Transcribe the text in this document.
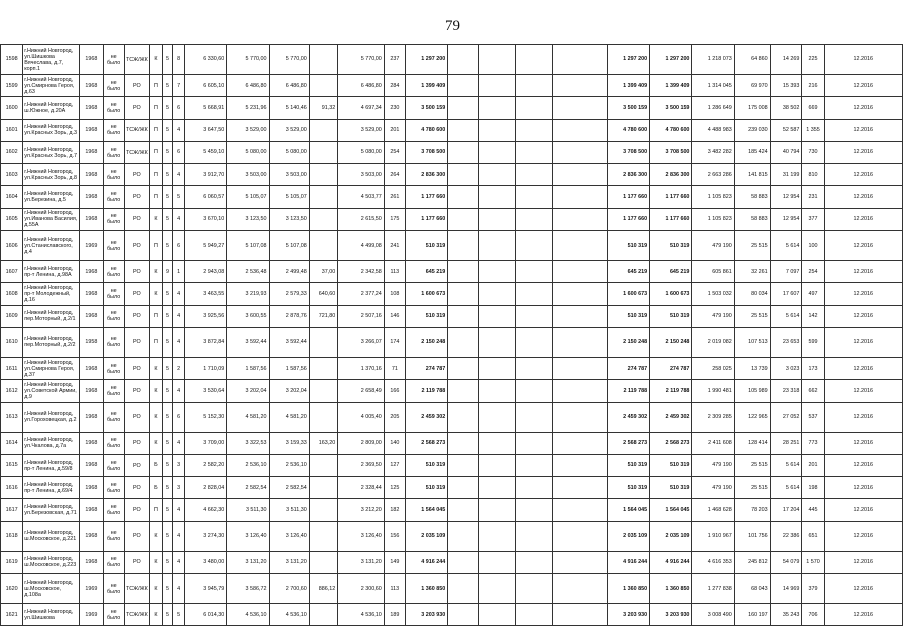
79
1598	г.Нижний Новгород, ул.Шишкова Вячеслава, д.7, корп.1	1968	не было	ТСЖ/ЖК	К	5	8	6 330,60	5 770,00	5 770,00		5 770,00	237	1 297 200					1 297 200	1 297 200	1 218 073	64 860	14 269	225	12.2016
1599	г.Нижний Новгород, ул.Смирнова Героя, д.63	1968	не было	РО	П	5	7	6 605,10	6 486,80	6 486,80		6 486,80	284	1 399 409					1 399 409	1 399 409	1 314 045	69 970	15 393	216	12.2016
1600	г.Нижний Новгород, ш.Южное, д.20А	1968	не было	РО	П	5	6	5 668,91	5 231,96	5 140,46	91,32	4 697,34	230	3 500 159					3 500 159	3 500 159	1 286 649	175 008	38 502	669	12.2016
1601	г.Нижний Новгород, ул.Красных Зорь, д.3	1968	не было	ТСЖ/ЖК	П	5	4	3 647,50	3 529,00	3 529,00		3 529,00	201	4 780 600					4 780 600	4 780 600	4 488 983	239 030	52 587	1 355	12.2016
1602	г.Нижний Новгород, ул.Красных Зорь, д.7	1968	не было	ТСЖ/ЖК	П	5	6	5 459,10	5 080,00	5 080,00		5 080,00	254	3 708 500					3 708 500	3 708 500	3 482 282	185 424	40 794	730	12.2016
1603	г.Нижний Новгород, ул.Красных Зорь, д.8	1968	не было	РО	П	5	4	3 912,70	3 503,00	3 503,00		3 503,00	264	2 836 300					2 836 300	2 836 300	2 663 286	141 815	31 199	810	12.2016
1604	г.Нижний Новгород, ул.Березина, д.5	1968	не было	РО	П	5	5	6 060,57	5 105,07	5 105,07		4 503,77	261	1 177 660					1 177 660	1 177 660	1 105 823	58 883	12 954	231	12.2016
1605	г.Нижний Новгород, ул.Иванова Василия, д.55А	1968	не было	РО	К	5	4	3 670,10	3 123,50	3 123,50		2 615,50	175	1 177 660					1 177 660	1 177 660	1 105 823	58 883	12 954	377	12.2016
1606	г.Нижний Новгород, ул.Станиславского, д.4	1969	не было	РО	П	5	6	5 949,27	5 107,08	5 107,08		4 499,08	241	510 319					510 319	510 319	479 190	25 515	5 614	100	12.2016
1607	г.Нижний Новгород, пр-т Ленина, д.98А	1968	не было	РО	К	9	1	2 943,08	2 536,48	2 499,48	37,00	2 342,58	113	645 219					645 219	645 219	605 861	32 261	7 097	254	12.2016
1608	г.Нижний Новгород, пр-т Молодежный, д.16	1968	не было	РО	К	5	4	3 463,55	3 219,93	2 579,33	640,60	2 377,24	108	1 600 673					1 600 673	1 600 673	1 503 032	80 034	17 607	497	12.2016
1609	г.Нижний Новгород, пер.Моторный, д.2/1	1968	не было	РО	П	5	4	3 925,56	3 600,55	2 878,76	721,80	2 507,16	146	510 319					510 319	510 319	479 190	25 515	5 614	142	12.2016
1610	г.Нижний Новгород, пер.Моторный, д.2/2	1958	не было	РО	П	5	4	3 872,84	3 592,44	3 592,44		3 266,07	174	2 150 248					2 150 248	2 150 248	2 019 082	107 513	23 653	599	12.2016
1611	г.Нижний Новгород, ул.Смирнова Героя, д.37	1968	не было	РО	К	5	2	1 710,09	1 587,56	1 587,56		1 370,16	71	274 787					274 787	274 787	258 025	13 739	3 023	173	12.2016
1612	г.Нижний Новгород, ул.Советской Армии, д.9	1968	не было	РО	К	5	4	3 530,64	3 202,04	3 202,04		2 658,49	166	2 119 788					2 119 788	2 119 788	1 990 481	105 989	23 318	662	12.2016
1613	г.Нижний Новгород, ул.Гороховецкая, д.2	1968	не было	РО	К	5	6	5 152,30	4 581,20	4 581,20		4 005,40	205	2 459 302					2 459 302	2 459 302	2 309 285	122 965	27 052	537	12.2016
1614	г.Нижний Новгород, ул.Чкалова, д.7а	1968	не было	РО	К	5	4	3 709,00	3 322,53	3 159,33	163,20	2 809,00	140	2 568 273					2 568 273	2 568 273	2 411 608	128 414	28 251	773	12.2016
1615	г.Нижний Новгород, пр-т Ленина, д.59/8	1968	не было	РО	Б	5	3	2 582,20	2 536,10	2 536,10		2 369,50	127	510 319					510 319	510 319	479 190	25 515	5 614	201	12.2016
1616	г.Нижний Новгород, пр-т Ленина, д.69/4	1968	не было	РО	Б	5	3	2 828,04	2 582,54	2 582,54		2 328,44	125	510 319					510 319	510 319	479 190	25 515	5 614	198	12.2016
1617	г.Нижний Новгород, ул.Березовская, д.71	1968	не было	РО	П	5	4	4 662,30	3 511,30	3 511,30		3 212,20	182	1 564 045					1 564 045	1 564 045	1 468 628	78 203	17 204	445	12.2016
1618	г.Нижний Новгород, ш.Московское, д.221	1968	не было	РО	К	5	4	3 274,30	3 126,40	3 126,40		3 126,40	156	2 035 109					2 035 109	2 035 109	1 910 967	101 756	22 386	651	12.2016
1619	г.Нижний Новгород, ш.Московское, д.223	1968	не было	РО	К	5	4	3 480,00	3 131,20	3 131,20		3 131,20	149	4 916 244					4 916 244	4 916 244	4 616 353	245 812	54 079	1 570	12.2016
1620	г.Нижний Новгород, ш.Московское, д.108а	1969	не было	ТСЖ/ЖК	К	5	4	3 945,79	3 586,72	2 700,60	886,12	2 300,60	113	1 360 850					1 360 850	1 360 850	1 277 838	68 043	14 969	379	12.2016
1621	г.Нижний Новгород, ул.Шишкова	1969	не было	ТСЖ/ЖК	К	5	5	6 014,30	4 536,10	4 536,10		4 536,10	189	3 203 930					3 203 930	3 203 930	3 008 490	160 197	35 243	706	12.2016
